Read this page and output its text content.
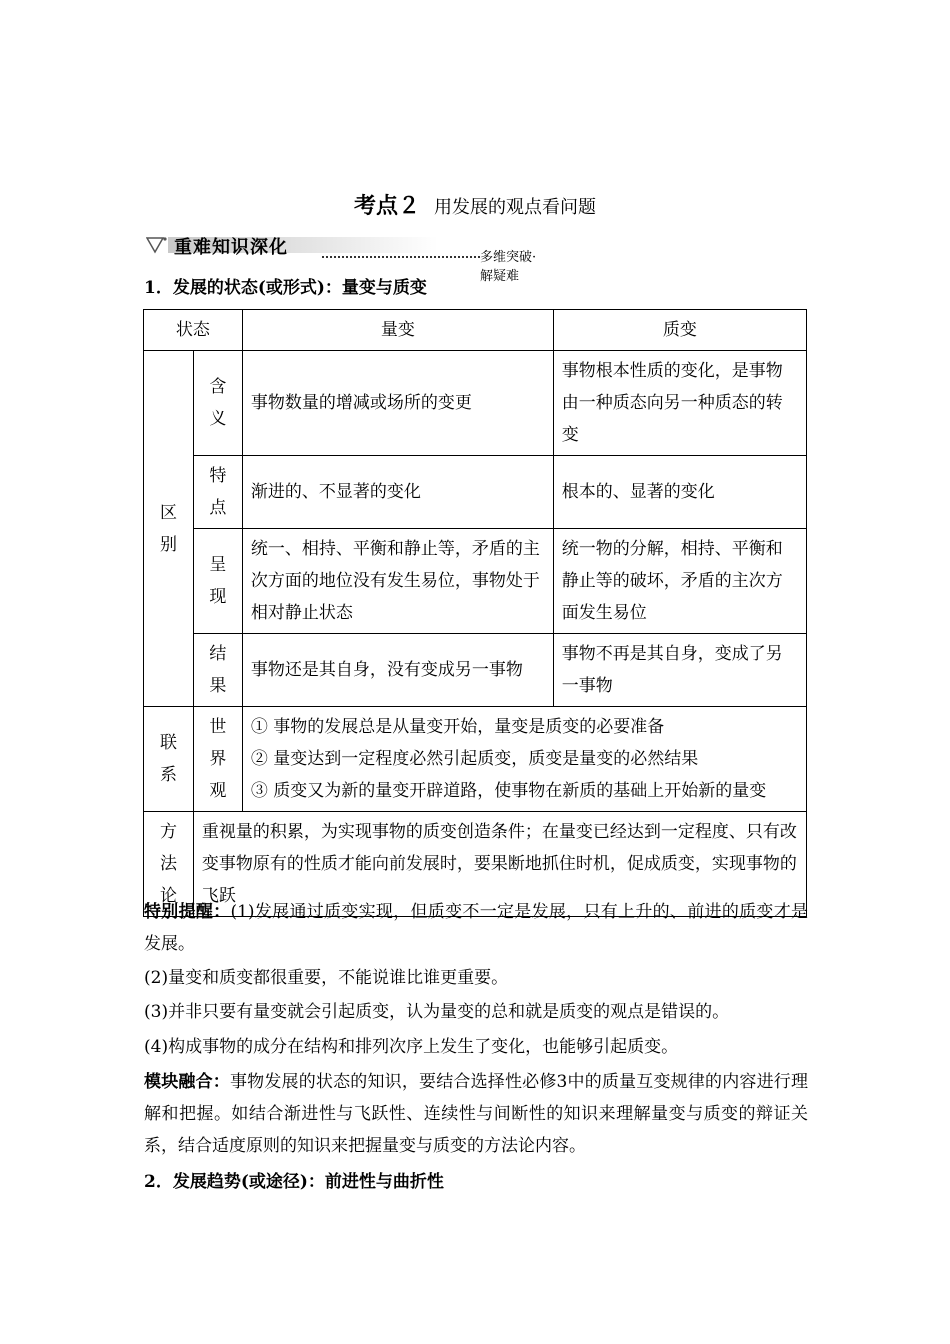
考点２ 用发展的观点看问题
重难知识深化	多维突破·解疑难
1．发展的状态(或形式)：量变与质变
状态		量变	质变
区别	含义	事物数量的增减或场所的变更	事物根本性质的变化，是事物由一种质态向另一种质态的转变
	特点	渐进的、不显著的变化	根本的、显著的变化
	呈现	统一、相持、平衡和静止等，矛盾的主次方面的地位没有发生易位，事物处于相对静止状态	统一物的分解，相持、平衡和静止等的破坏，矛盾的主次方面发生易位
	结果	事物还是其自身，没有变成另一事物	事物不再是其自身，变成了另一事物
联系	世界观	① 事物的发展总是从量变开始，量变是质变的必要准备
② 量变达到一定程度必然引起质变，质变是量变的必然结果
③ 质变又为新的量变开辟道路，使事物在新质的基础上开始新的量变	

方法论	重视量的积累，为实现事物的质变创造条件；在量变已经达到一定程度、只有改变事物原有的性质才能向前发展时，要果断地抓住时机，促成质变，实现事物的飞跃		
特别提醒：(1)发展通过质变实现，但质变不一定是发展，只有上升的、前进的质变才是发展。
(2)量变和质变都很重要，不能说谁比谁更重要。
(3)并非只要有量变就会引起质变，认为量变的总和就是质变的观点是错误的。
(4)构成事物的成分在结构和排列次序上发生了变化，也能够引起质变。
模块融合：事物发展的状态的知识，要结合选择性必修3中的质量互变规律的内容进行理解和把握。如结合渐进性与飞跃性、连续性与间断性的知识来理解量变与质变的辩证关系，结合适度原则的知识来把握量变与质变的方法论内容。
2．发展趋势(或途径)：前进性与曲折性
